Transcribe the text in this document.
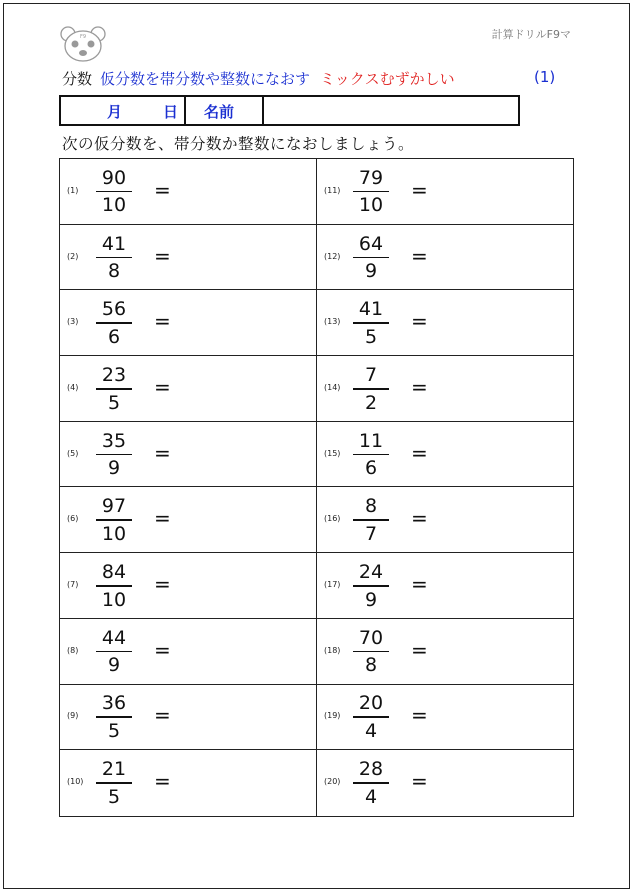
F9	計算ドリルF9マ
分数 仮分数を帯分数や整数になおす ミックスむずかしい	(1)
月	日 名前
次の仮分数を、帯分数か整数になおしましょう。
(1)
90
10
=	(11)
79
10
=
(2)
41
8
=	(12)
64
9
=
(3)
56
6
=	(13)
41
5
=
(4)
23
5
=	(14)
7
2
=
(5)
35
9
=	(15)
11
6
=
(6)
97
10
=	(16)
8
7
=
(7)
84
10
=	(17)
24
9
=
(8)
44
9
=	(18)
70
8
=
(9)
36
5
=	(19)
20
4
=
(10)
21
5
=	(20)
28
4
=
